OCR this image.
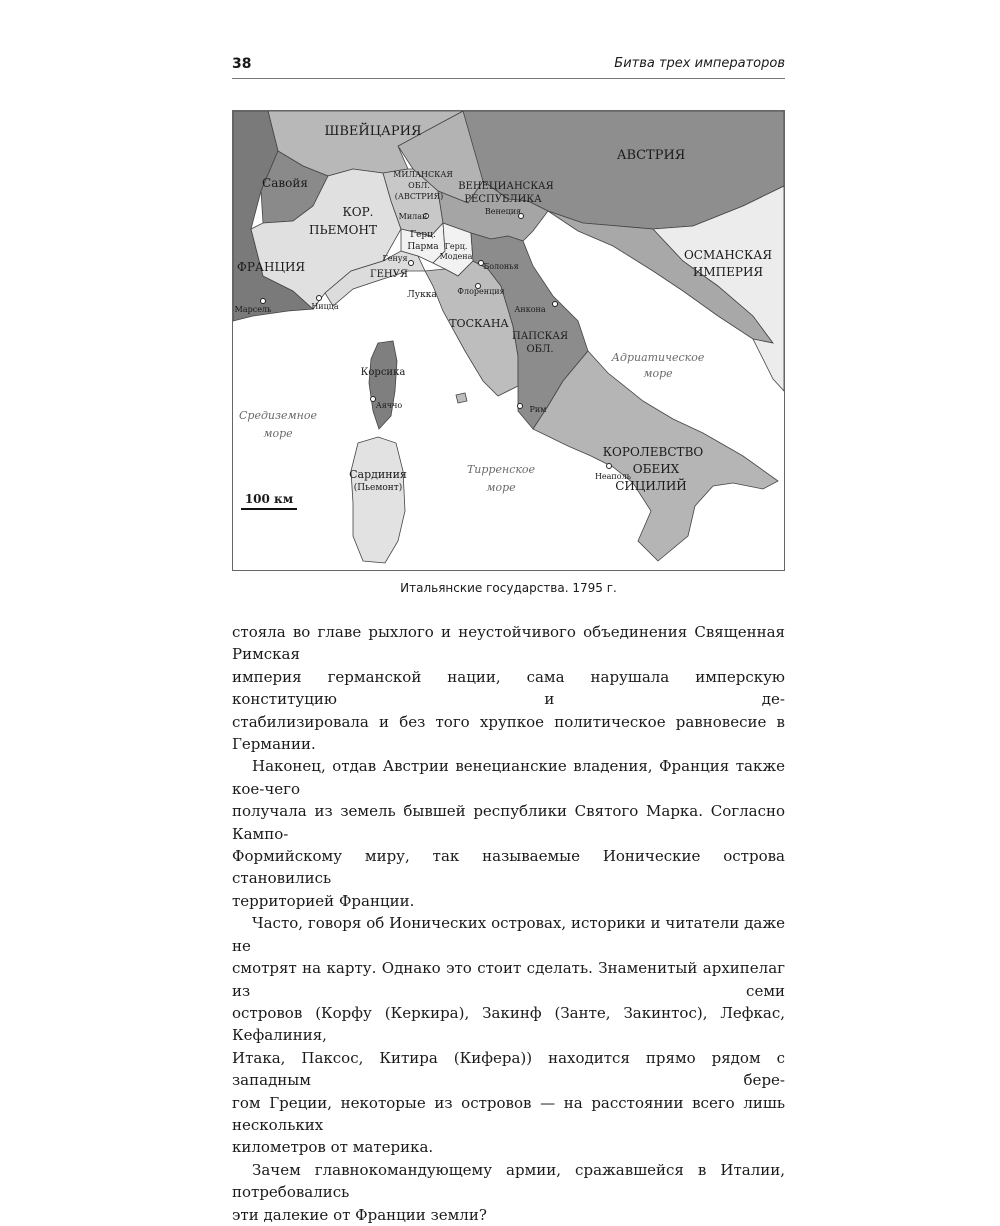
38	Битва трех императоров
ШВЕЙЦАРИЯ
АВСТРИЯ
Савойя
КОР.
ПЬЕМОНТ
МИЛАНСКАЯ
ОБЛ.
(АВСТРИЯ)
ВЕНЕЦИАНСКАЯ
РЕСПУБЛИКА
ОСМАНСКАЯ
ИМПЕРИЯ
ФРАНЦИЯ
Герц.
Парма Герц.
Модена
ГЕНУЯ
Лукка
ТОСКАНА
ПАПСКАЯ
ОБЛ.
Корсика
Сардиния
(Пьемонт)
КОРОЛЕВСТВО
ОБЕИХ
СИЦИЛИЙ
Милан
Венеция
Генуя
Болонья
Флоренция
Анкона
Марсель	Ницца
Аяччо	Рим
Неаполь
Адриатическое
море
Средиземное
море
Тирренское
море
100 км
Итальянские государства. 1795 г.

стояла во главе рыхлого и неустойчивого объединения Священная Римская

империя германской нации, сама нарушала имперскую конституцию и де-

стабилизировала и без того хрупкое политическое равновесие в Германии.

Наконец, отдав Австрии венецианские владения, Франция также кое-чего

получала из земель бывшей республики Святого Марка. Согласно Кампо-

Формийскому миру, так называемые Ионические острова становились

территорией Франции.

Часто, говоря об Ионических островах, историки и читатели даже не

смотрят на карту. Однако это стоит сделать. Знаменитый архипелаг из семи

островов (Корфу (Керкира), Закинф (Занте, Закинтос), Лефкас, Кефалиния,

Итака, Паксос, Китира (Кифера)) находится прямо рядом с западным бере-

гом Греции, некоторые из островов — на расстоянии всего лишь нескольких

километров от материка.

Зачем главнокомандующему армии, сражавшейся в Италии, потребовались

эти далекие от Франции земли?
